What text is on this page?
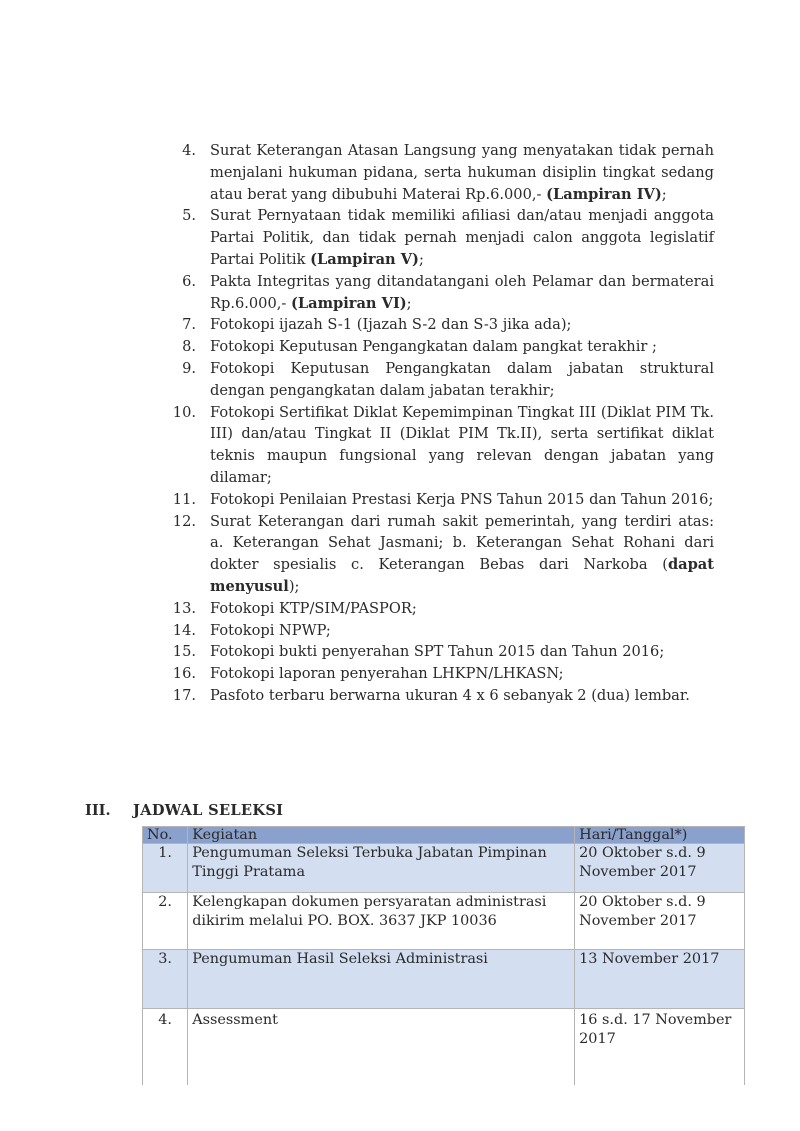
4 .	Surat Keterangan Atasan Langsung yang menyatakan tidak pernah menjalani hukuman pidana, serta hukuman disiplin tingkat sedang atau berat yang dibubuhi Materai Rp.6.000,- (Lampiran IV);
5 .	Surat Pernyataan tidak memiliki afiliasi dan/atau menjadi anggota Partai Politik, dan tidak pernah menjadi calon anggota legislatif Partai Politik (Lampiran V);
6 .	Pakta Integritas yang ditandatangani oleh Pelamar dan bermaterai Rp.6.000,- (Lampiran VI);
7 .	Fotokopi ijazah S-1 (Ijazah S-2 dan S-3 jika ada);
8 .	Fotokopi Keputusan Pengangkatan dalam pangkat terakhir ;
9 .	Fotokopi Keputusan Pengangkatan dalam jabatan struktural dengan pengangkatan dalam jabatan terakhir;
10 .	Fotokopi Sertifikat Diklat Kepemimpinan Tingkat III (Diklat PIM Tk. III) dan/atau Tingkat II (Diklat PIM Tk.II), serta sertifikat diklat teknis maupun fungsional yang relevan dengan jabatan yang dilamar;
11 .	Fotokopi Penilaian Prestasi Kerja PNS Tahun 2015 dan Tahun 2016;
12 .	Surat Keterangan dari rumah sakit pemerintah, yang terdiri atas: a. Keterangan Sehat Jasmani; b. Keterangan Sehat Rohani dari dokter spesialis c. Keterangan Bebas dari Narkoba (dapat menyusul);
13 .	Fotokopi KTP/SIM/PASPOR;
14 .	Fotokopi NPWP;
15 .	Fotokopi bukti penyerahan SPT Tahun 2015 dan Tahun 2016;
16 .	Fotokopi laporan penyerahan LHKPN/LHKASN;
17 .	Pasfoto terbaru berwarna ukuran 4 x 6 sebanyak 2 (dua) lembar.
III. JADWAL SELEKSI
No.	Kegiatan	Hari/Tanggal*)
1.	Pengumuman Seleksi Terbuka Jabatan Pimpinan Tinggi Pratama	20 Oktober s.d. 9 November 2017
2.	Kelengkapan dokumen persyaratan administrasi dikirim melalui PO. BOX. 3637 JKP 10036	20 Oktober s.d. 9 November 2017
3.	Pengumuman Hasil Seleksi Administrasi	13 November 2017
4.	Assessment	16 s.d. 17 November 2017
